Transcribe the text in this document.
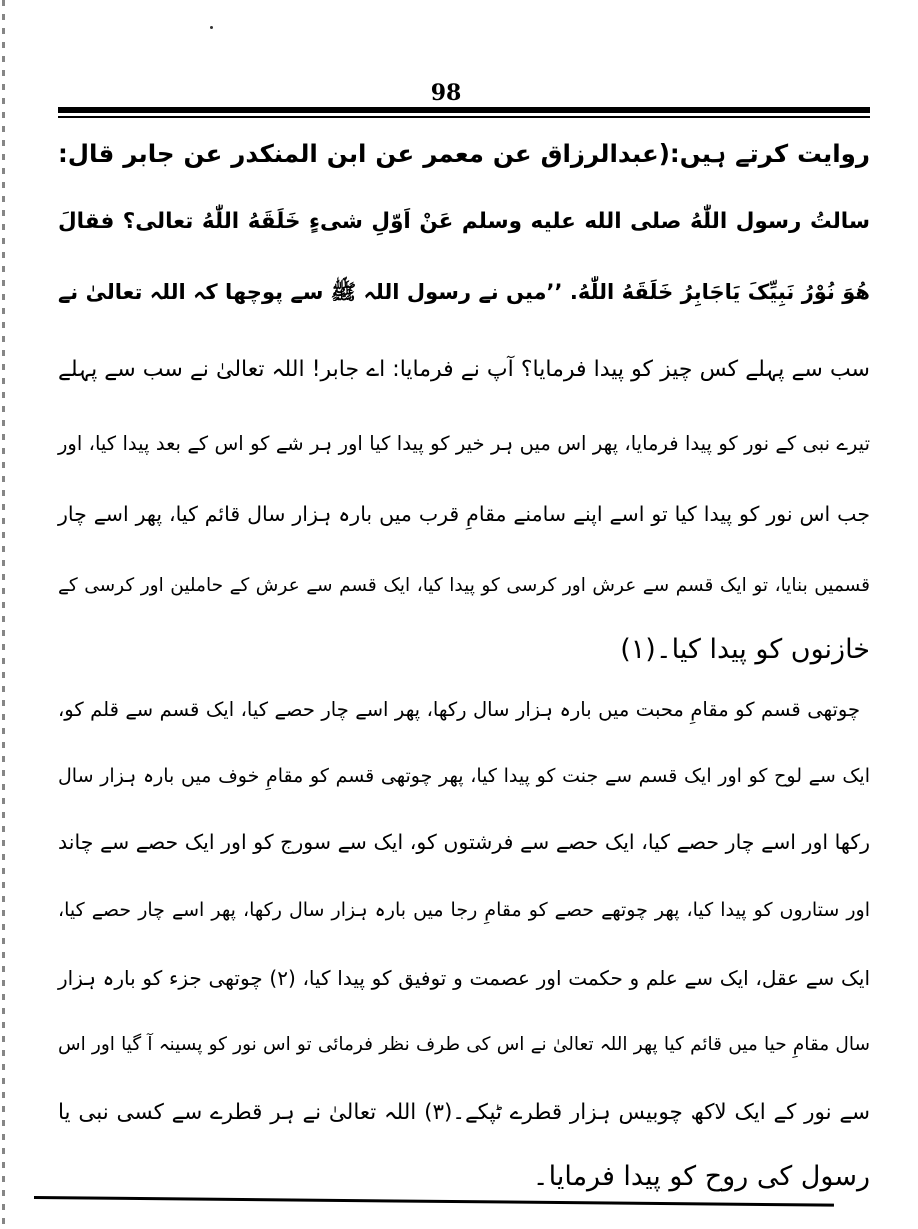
98
روایت کرتے ہیں:(عبدالرزاق عن معمر عن ابن المنکدر عن جابر قال:
سالتُ رسول اللّٰهُ صلی الله علیه وسلم عَنْ اَوّلِ شیءٍ خَلَقَهُ اللّٰهُ تعالی؟ فقالَ
هُوَ نُوْرُ نَبِیِّکَ یَاجَابِرُ خَلَقَهُ اللّٰهُ. ’’میں نے رسول اللہ ﷺ سے پوچھا کہ اللہ تعالیٰ نے
سب سے پہلے کس چیز کو پیدا فرمایا؟ آپ نے فرمایا: اے جابر! اللہ تعالیٰ نے سب سے پہلے
تیرے نبی کے نور کو پیدا فرمایا، پھر اس میں ہر خیر کو پیدا کیا اور ہر شے کو اس کے بعد پیدا کیا، اور
جب اس نور کو پیدا کیا تو اسے اپنے سامنے مقامِ قرب میں بارہ ہزار سال قائم کیا، پھر اسے چار
قسمیں بنایا، تو ایک قسم سے عرش اور کرسی کو پیدا کیا، ایک قسم سے عرش کے حاملین اور کرسی کے
خازنوں کو پیدا کیا۔(۱)
چوتھی قسم کو مقامِ محبت میں بارہ ہزار سال رکھا، پھر اسے چار حصے کیا، ایک قسم سے قلم کو،
ایک سے لوح کو اور ایک قسم سے جنت کو پیدا کیا، پھر چوتھی قسم کو مقامِ خوف میں بارہ ہزار سال
رکھا اور اسے چار حصے کیا، ایک حصے سے فرشتوں کو، ایک سے سورج کو اور ایک حصے سے چاند
اور ستاروں کو پیدا کیا، پھر چوتھے حصے کو مقامِ رجا میں بارہ ہزار سال رکھا، پھر اسے چار حصے کیا،
ایک سے عقل، ایک سے علم و حکمت اور عصمت و توفیق کو پیدا کیا، (۲) چوتھی جزء کو بارہ ہزار
سال مقامِ حیا میں قائم کیا پھر اللہ تعالیٰ نے اس کی طرف نظر فرمائی تو اس نور کو پسینہ آ گیا اور اس
سے نور کے ایک لاکھ چوبیس ہزار قطرے ٹپکے۔(۳) اللہ تعالیٰ نے ہر قطرے سے کسی نبی یا
رسول کی روح کو پیدا فرمایا۔
